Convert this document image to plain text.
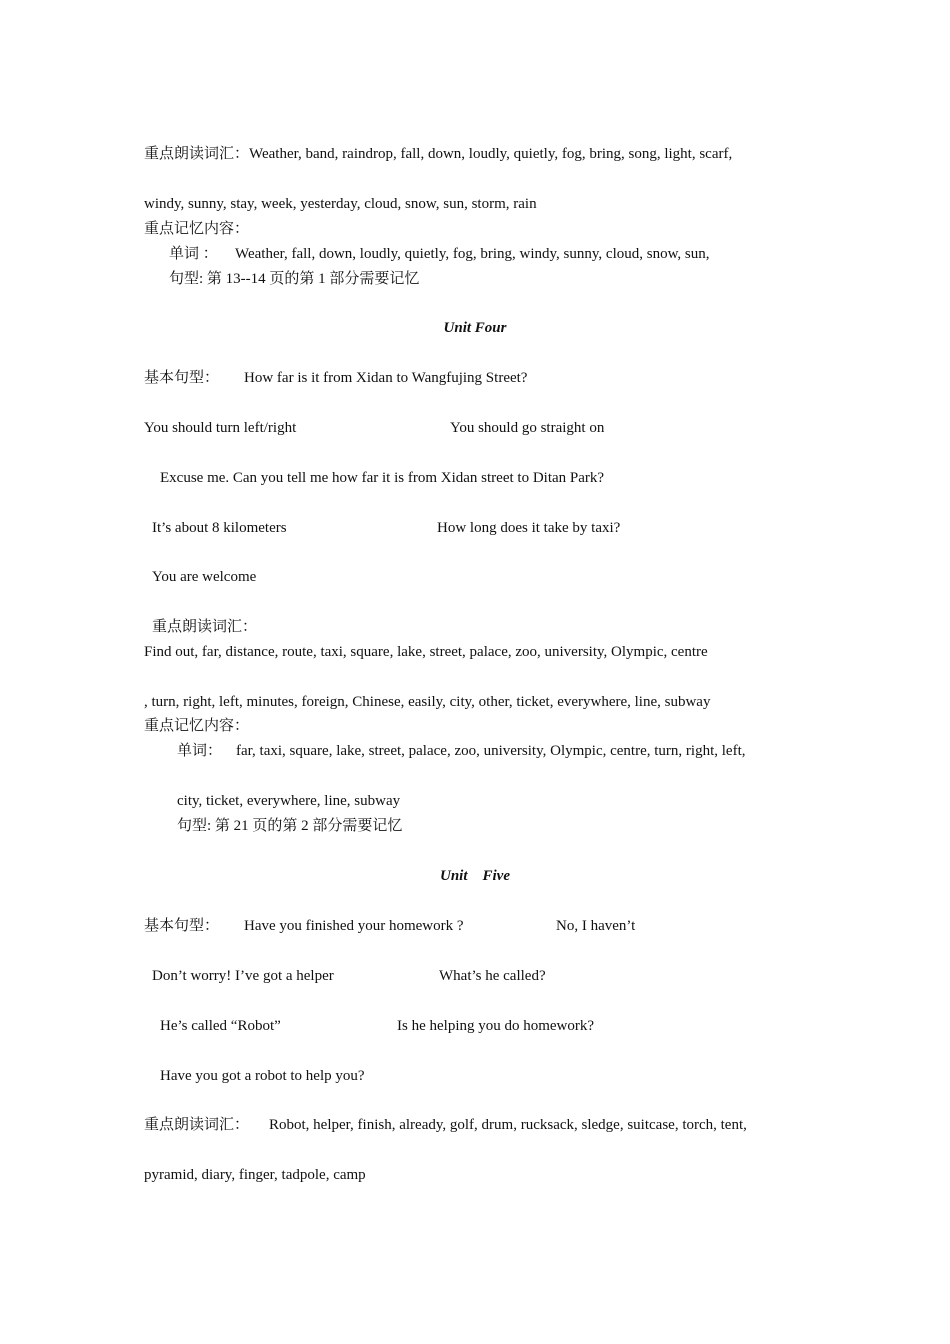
重点朗读词汇：Weather, band, raindrop, fall, down, loudly, quietly, fog, bring, song, light, scarf,
windy, sunny, stay, week, yesterday, cloud, snow, sun, storm, rain
重点记忆内容：
单词 ： Weather, fall, down, loudly, quietly, fog, bring, windy, sunny, cloud, snow, sun,
句型: 第 13--14 页的第 1 部分需要记忆
Unit Four
基本句型： How far is it from Xidan to Wangfujing Street?
You should turn left/right	You should go straight on
Excuse me. Can you tell me how far it is from Xidan street to Ditan Park?
It’s about 8 kilometers	How long does it take by taxi?
You are welcome
重点朗读词汇：
Find out, far, distance, route, taxi, square, lake, street, palace, zoo, university, Olympic, centre
, turn, right, left, minutes, foreign, Chinese, easily, city, other, ticket, everywhere, line, subway
重点记忆内容：
单词： far, taxi, square, lake, street, palace, zoo, university, Olympic, centre, turn, right, left,
city, ticket, everywhere, line, subway
句型: 第 21 页的第 2 部分需要记忆
Unit    Five
基本句型： Have you finished your homework ?	No, I haven’t
Don’t worry! I’ve got a helper	What’s he called?
He’s called “Robot”	Is he helping you do homework?
Have you got a robot to help you?
重点朗读词汇： Robot, helper, finish, already, golf, drum, rucksack, sledge, suitcase, torch, tent,
pyramid, diary, finger, tadpole, camp
